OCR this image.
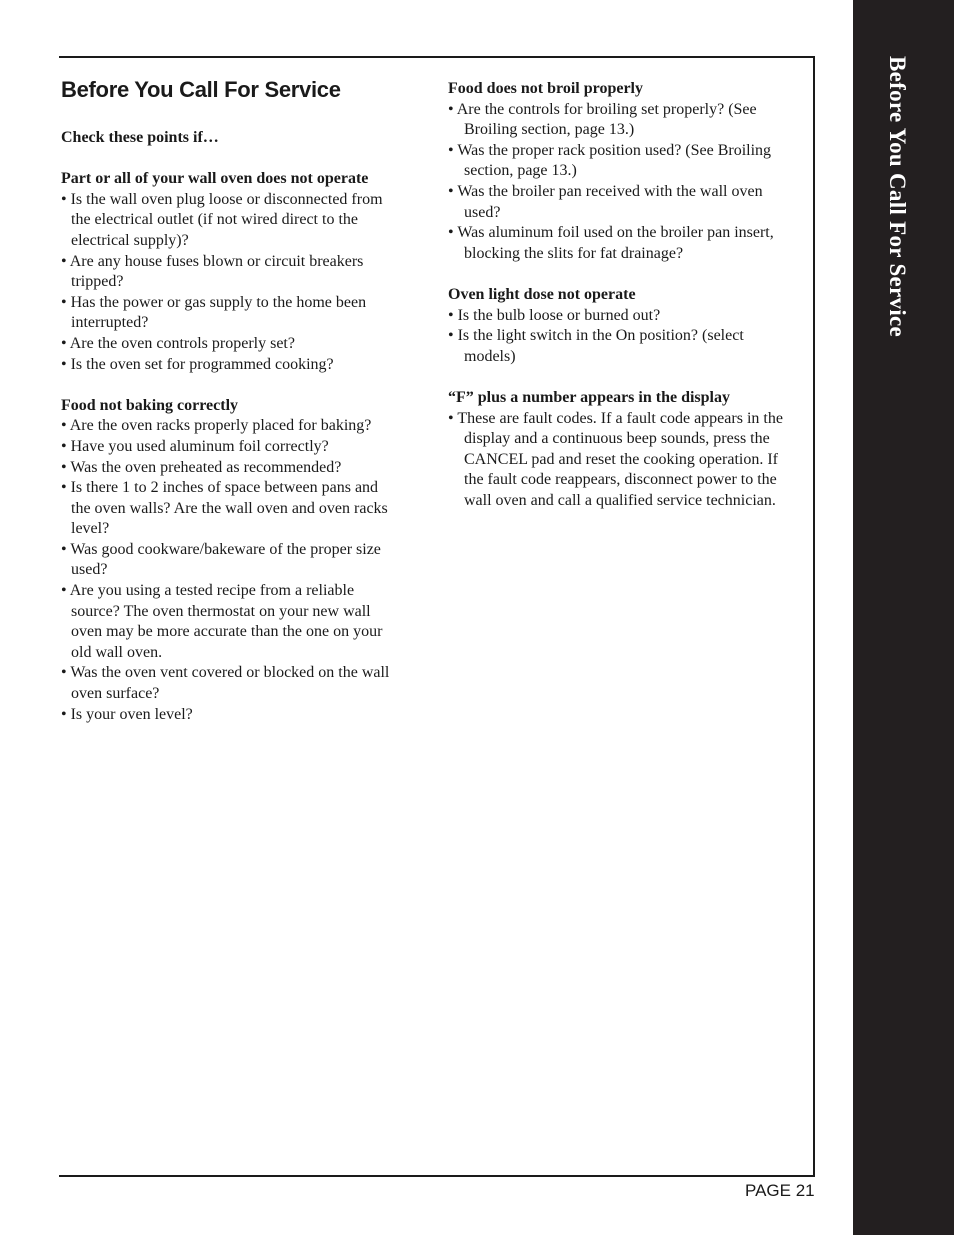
Before You Call For Service
Before You Call For Service

Check these points if…

Part or all of your wall oven does not operate

• Is the wall oven plug loose or disconnected from the electrical outlet (if not wired direct to the electrical supply)?
• Are any house fuses blown or circuit breakers tripped?
• Has the power or gas supply to the home been interrupted?
• Are the oven controls properly set?
• Is the oven set for programmed cooking?

Food not baking correctly

• Are the oven racks properly placed for baking?
• Have you used aluminum foil correctly?
• Was the oven preheated as recommended?
• Is there 1 to 2 inches of space between pans and the oven walls? Are the wall oven and oven racks level?
• Was good cookware/bakeware of the proper size used?
• Are you using a tested recipe from a reliable source? The oven thermostat on your new wall oven may be more accurate than the one on your old wall oven.
• Was the oven vent covered or blocked on the wall oven surface?
• Is your oven level?

Food does not broil properly

• Are the controls for broiling set properly? (See Broiling section, page 13.)
• Was the proper rack position used? (See Broiling section, page 13.)
• Was the broiler pan received with the wall oven used?
• Was aluminum foil used on the broiler pan insert, blocking the slits for fat drainage?

Oven light dose not operate

• Is the bulb loose or burned out?
• Is the light switch in the On position? (select models)

“F” plus a number appears in the display

• These are fault codes. If a fault code appears in the display and a continuous beep sounds, press the CANCEL pad and reset the cooking operation. If the fault code reappears, disconnect power to the wall oven and call a qualified service technician.
PAGE 21
